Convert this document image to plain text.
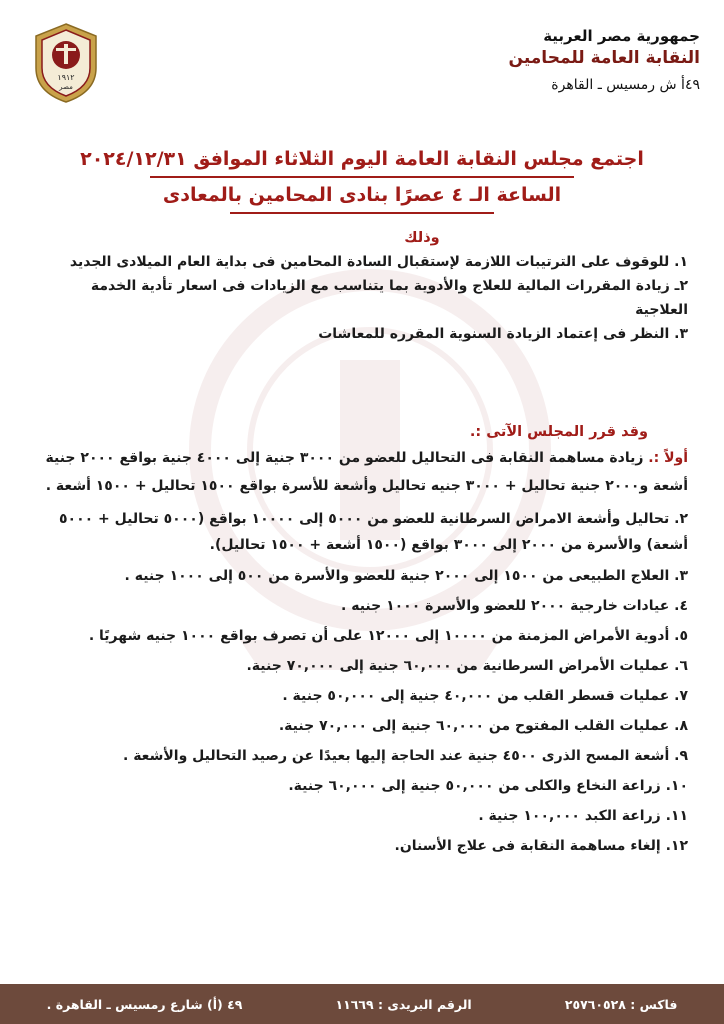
١٩١٢
مصر
جمهورية مصر العربية
النقابة العامة للمحامين
٤٩أ ش رمسيس ـ القاهرة
اجتمع مجلس النقابة العامة اليوم الثلاثاء الموافق ٢٠٢٤/١٢/٣١
الساعة الـ ٤ عصرًا بنادى المحامين بالمعادى
وذلك

١. للوقوف على الترتيبات اللازمة لإستقبال السادة المحامين فى بداية العام الميلادى الجديد

٢ـ زيادة المقررات المالية للعلاج والأدوية بما يتناسب مع الزيادات فى اسعار تأدية الخدمة العلاجية

٣. النظر فى إعتماد الزيادة السنوية المقرره للمعاشات

وقد قرر المجلس الآتى :.

أولاً :. زيادة مساهمة النقابة فى التحاليل للعضو من ٣٠٠٠ جنية إلى ٤٠٠٠ جنية بواقع ٢٠٠٠ جنية أشعة و٢٠٠٠ جنية تحاليل + ٣٠٠٠ جنيه تحاليل وأشعة للأسرة بواقع ١٥٠٠ تحاليل + ١٥٠٠ أشعة .

٢. تحاليل وأشعة الامراض السرطانية للعضو من ٥٠٠٠ إلى ١٠٠٠٠ بواقع (٥٠٠٠ تحاليل + ٥٠٠٠ أشعة) والأسرة من ٢٠٠٠ إلى ٣٠٠٠ بواقع (١٥٠٠ أشعة + ١٥٠٠ تحاليل).

٣. العلاج الطبيعى من ١٥٠٠ إلى ٢٠٠٠ جنية للعضو والأسرة من ٥٠٠ إلى ١٠٠٠ جنيه .

٤. عيادات خارجية ٢٠٠٠ للعضو والأسرة ١٠٠٠ جنيه .

٥. أدوية الأمراض المزمنة من ١٠٠٠٠ إلى ١٢٠٠٠ على أن تصرف بواقع ١٠٠٠ جنيه شهريًا .

٦. عمليات الأمراض السرطانية من ٦٠,٠٠٠ جنية إلى ٧٠,٠٠٠ جنية.

٧. عمليات قسطر القلب من ٤٠,٠٠٠ جنية إلى ٥٠,٠٠٠ جنية .

٨. عمليات القلب المفتوح من ٦٠,٠٠٠ جنية إلى ٧٠,٠٠٠ جنية.

٩. أشعة المسح الذرى ٤٥٠٠ جنية عند الحاجة إليها بعيدًا عن رصيد التحاليل والأشعة .

١٠. زراعة النخاع والكلى من ٥٠,٠٠٠ جنية إلى ٦٠,٠٠٠ جنية.

١١. زراعة الكبد ١٠٠,٠٠٠ جنية .

١٢. إلغاء مساهمة النقابة فى علاج الأسنان.

٤٩ (أ) شارع رمسيس ـ القاهرة .	الرقم البريدى : ١١٦٦٩	فاكس : ٢٥٧٦٠٥٢٨
